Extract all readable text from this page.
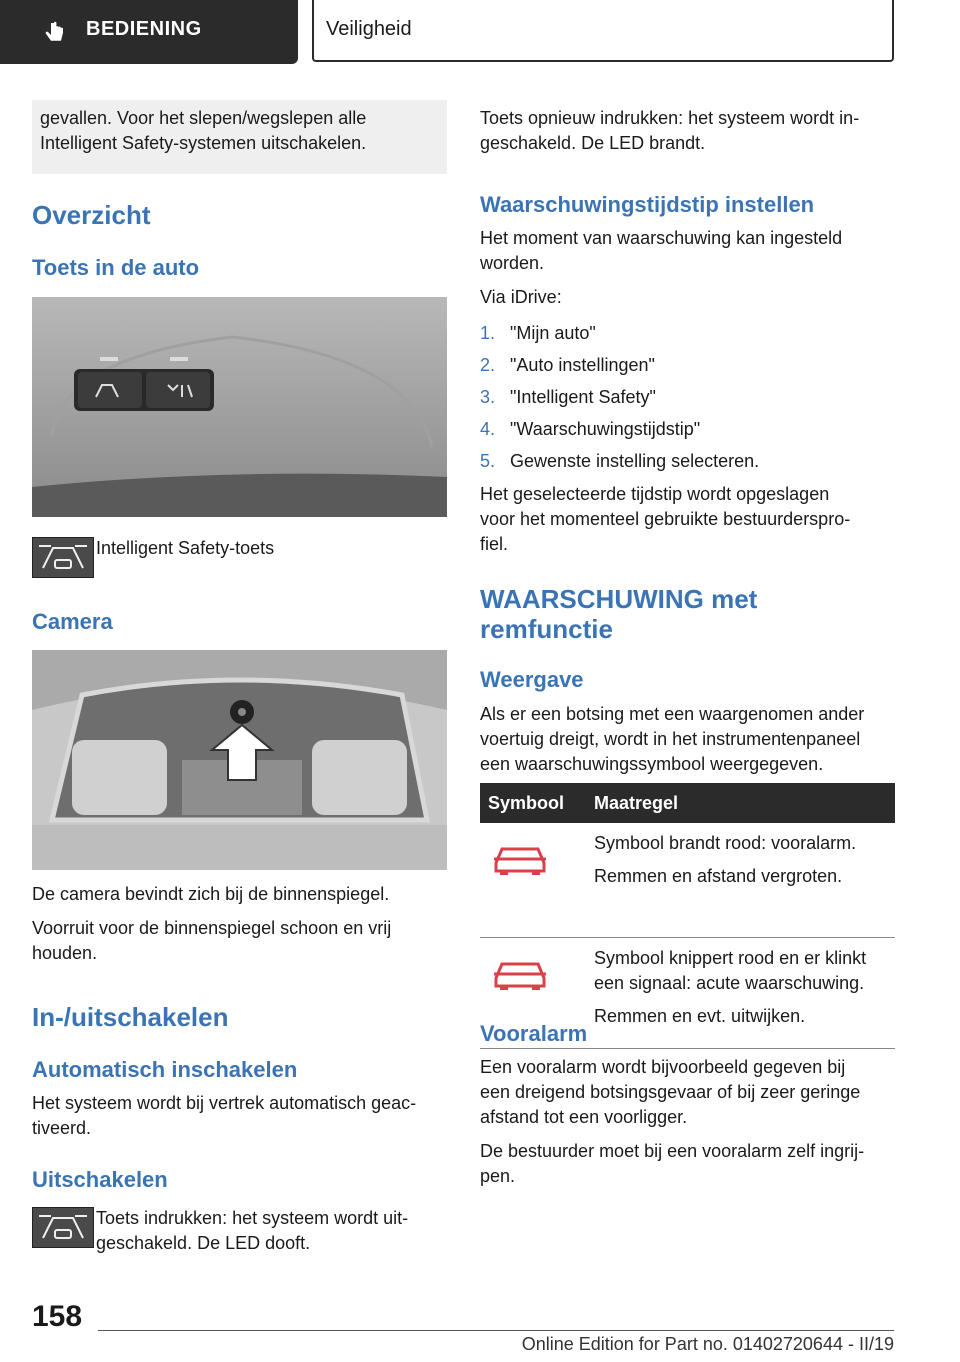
BEDIENING	Veiligheid
gevallen. Voor het slepen/wegslepen alle
Intelligent Safety-systemen uitschakelen.
Overzicht
Toets in de auto

Intelligent Safety-toets

Camera

De camera bevindt zich bij de binnenspiegel.

Voorruit voor de binnenspiegel schoon en vrij

houden.

In-/uitschakelen
Automatisch inschakelen

Het systeem wordt bij vertrek automatisch geac-

tiveerd.

Uitschakelen

Toets indrukken: het systeem wordt uit-

geschakeld. De LED dooft.

Toets opnieuw indrukken: het systeem wordt in-

geschakeld. De LED brandt.

Waarschuwingstijdstip instellen

Het moment van waarschuwing kan ingesteld

worden.

Via iDrive:

1. "Mijn auto"
2. "Auto instellingen"
3. "Intelligent Safety"
4. "Waarschuwingstijdstip"
5. Gewenste instelling selecteren.

Het geselecteerde tijdstip wordt opgeslagen

voor het momenteel gebruikte bestuurderspro-

fiel.

WAARSCHUWING met
remfunctie
Weergave

Als er een botsing met een waargenomen ander

voertuig dreigt, wordt in het instrumentenpaneel

een waarschuwingssymbool weergegeven.

Symbool	Maatregel

Symbool brandt rood: vooralarm.
Remmen en afstand vergroten.

Symbool knippert rood en er klinkt
een signaal: acute waarschuwing.
Remmen en evt. uitwijken.
Vooralarm

Een vooralarm wordt bijvoorbeeld gegeven bij

een dreigend botsingsgevaar of bij zeer geringe

afstand tot een voorligger.

De bestuurder moet bij een vooralarm zelf ingrij-

pen.

158
Online Edition for Part no. 01402720644 - II/19
